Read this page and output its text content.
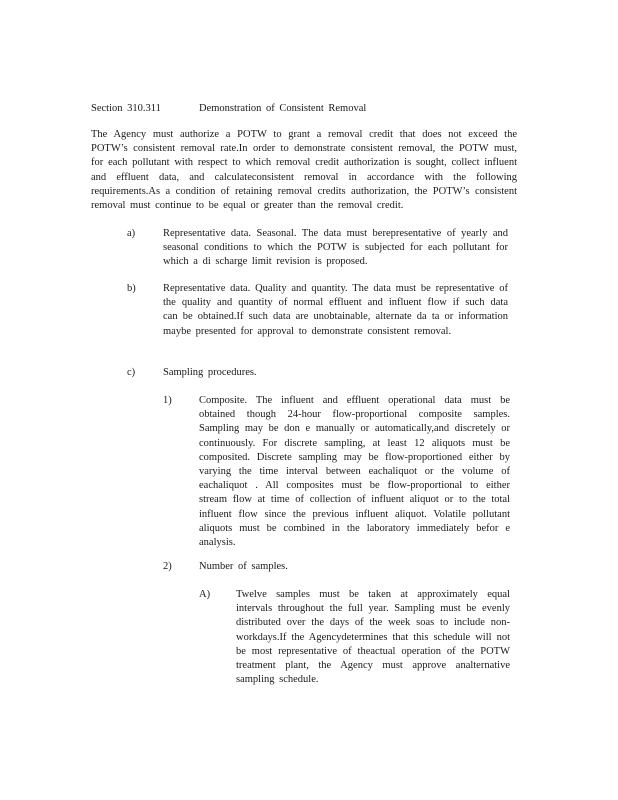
Section 310.311	Demonstration of Consistent Removal
The Agency must authorize a POTW to grant a removal credit that does not exceed the POTW’s consistent removal rate.In order to demonstrate consistent removal, the POTW must, for each pollutant with respect to which removal credit authorization is sought, collect influent and effluent data, and calculateconsistent removal in accordance with the following requirements.As a condition of retaining removal credits authorization, the POTW’s consistent removal must continue to be equal or greater than the removal credit.
a)	Representative data. Seasonal. The data must berepresentative of yearly and seasonal conditions to which the POTW is subjected for each pollutant for which a di scharge limit revision is proposed.
b)	Representative data. Quality and quantity. The data must be representative of the quality and quantity of normal effluent and influent flow if such data can be obtained.If such data are unobtainable, alternate da ta or information maybe presented for approval to demonstrate consistent removal.
c)	Sampling procedures.
1)	Composite. The influent and effluent operational data must be obtained though 24-hour flow-proportional composite samples. Sampling may be don e manually or automatically,and discretely or continuously. For discrete sampling, at least 12 aliquots must be composited. Discrete sampling may be flow-proportioned either by varying the time interval between eachaliquot or the volume of eachaliquot . All composites must be flow-proportional to either stream flow at time of collection of influent aliquot or to the total influent flow since the previous influent aliquot. Volatile pollutant aliquots must be combined in the laboratory immediately befor e analysis.
2)	Number of samples.
A) Twelve samples must be taken at approximately equal intervals throughout the full year. Sampling must be evenly distributed over the days of the week soas to include non-workdays.If the Agencydetermines that this schedule will not be most representative of theactual operation of the POTW treatment plant, the Agency must approve analternative sampling schedule.
